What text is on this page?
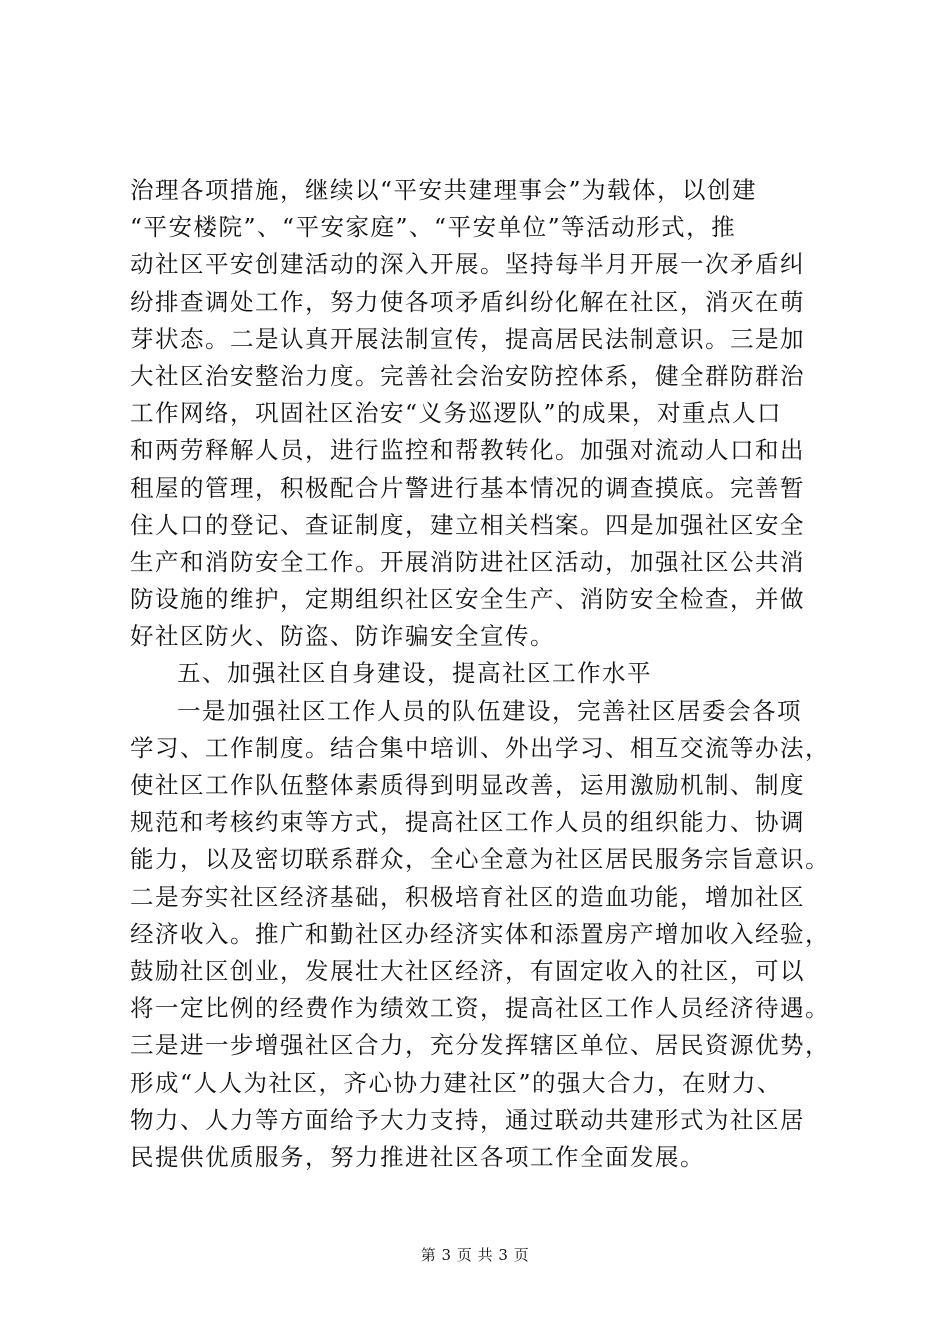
治理各项措施，继续以“平安共建理事会”为载体，以创建
“平安楼院”、“平安家庭”、“平安单位”等活动形式，推
动社区平安创建活动的深入开展。坚持每半月开展一次矛盾纠
纷排查调处工作，努力使各项矛盾纠纷化解在社区，消灭在萌
芽状态。二是认真开展法制宣传，提高居民法制意识。三是加
大社区治安整治力度。完善社会治安防控体系，健全群防群治
工作网络，巩固社区治安“义务巡逻队”的成果，对重点人口
和两劳释解人员，进行监控和帮教转化。加强对流动人口和出
租屋的管理，积极配合片警进行基本情况的调查摸底。完善暂
住人口的登记、查证制度，建立相关档案。四是加强社区安全
生产和消防安全工作。开展消防进社区活动，加强社区公共消
防设施的维护，定期组织社区安全生产、消防安全检查，并做
好社区防火、防盗、防诈骗安全宣传。
五、加强社区自身建设，提高社区工作水平
一是加强社区工作人员的队伍建设，完善社区居委会各项
学习、工作制度。结合集中培训、外出学习、相互交流等办法，
使社区工作队伍整体素质得到明显改善，运用激励机制、制度
规范和考核约束等方式，提高社区工作人员的组织能力、协调
能力，以及密切联系群众，全心全意为社区居民服务宗旨意识。
二是夯实社区经济基础，积极培育社区的造血功能，增加社区
经济收入。推广和勤社区办经济实体和添置房产增加收入经验，
鼓励社区创业，发展壮大社区经济，有固定收入的社区，可以
将一定比例的经费作为绩效工资，提高社区工作人员经济待遇。
三是进一步增强社区合力，充分发挥辖区单位、居民资源优势，
形成“人人为社区，齐心协力建社区”的强大合力，在财力、
物力、人力等方面给予大力支持，通过联动共建形式为社区居
民提供优质服务，努力推进社区各项工作全面发展。
第 3 页 共 3 页
